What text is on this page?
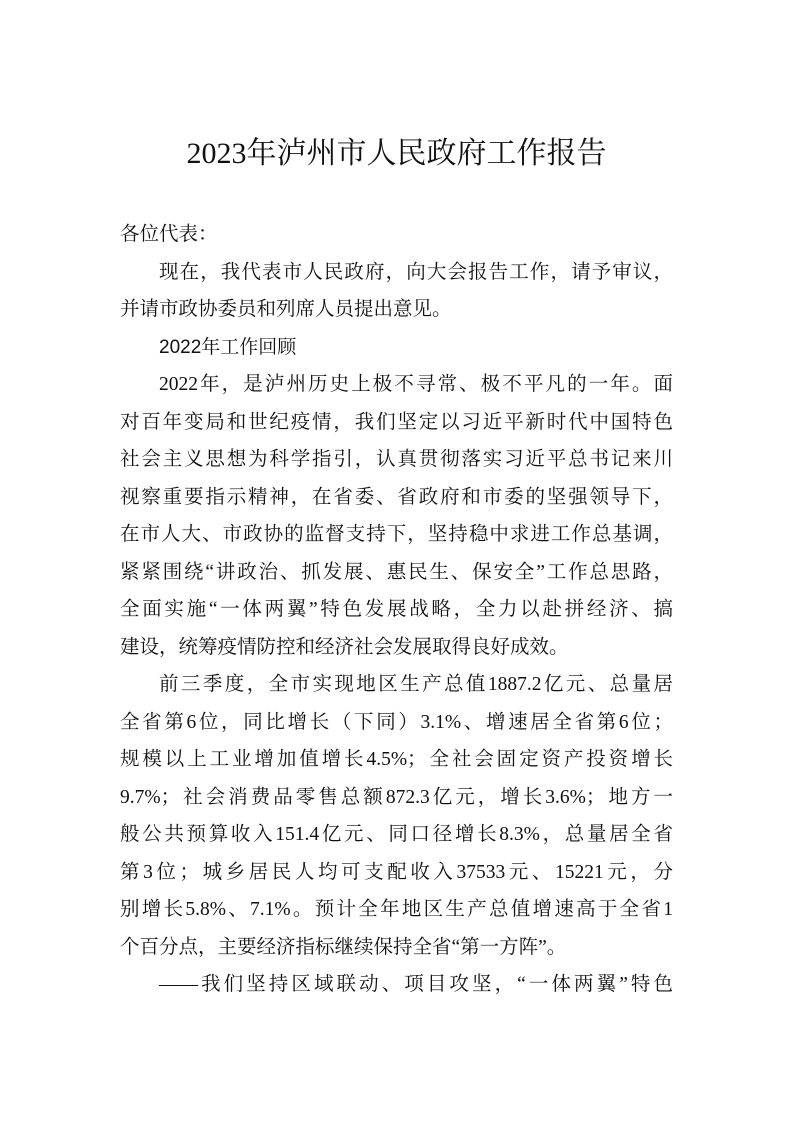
2023年泸州市人民政府工作报告
各位代表：
现在，我代表市人民政府，向大会报告工作，请予审议，
并请市政协委员和列席人员提出意见。
2022年工作回顾
2022年，是泸州历史上极不寻常、极不平凡的一年。面
对百年变局和世纪疫情，我们坚定以习近平新时代中国特色
社会主义思想为科学指引，认真贯彻落实习近平总书记来川
视察重要指示精神，在省委、省政府和市委的坚强领导下，
在市人大、市政协的监督支持下，坚持稳中求进工作总基调，
紧紧围绕“讲政治、抓发展、惠民生、保安全”工作总思路，
全面实施“一体两翼”特色发展战略，全力以赴拼经济、搞
建设，统筹疫情防控和经济社会发展取得良好成效。
前三季度，全市实现地区生产总值1887.2亿元、总量居
全省第6位，同比增长（下同）3.1%、增速居全省第6位；
规模以上工业增加值增长4.5%；全社会固定资产投资增长
9.7%；社会消费品零售总额872.3亿元，增长3.6%；地方一
般公共预算收入151.4亿元、同口径增长8.3%，总量居全省
第3位；城乡居民人均可支配收入37533元、15221元，分
别增长5.8%、7.1%。预计全年地区生产总值增速高于全省1
个百分点，主要经济指标继续保持全省“第一方阵”。
——我们坚持区域联动、项目攻坚，“一体两翼”特色
